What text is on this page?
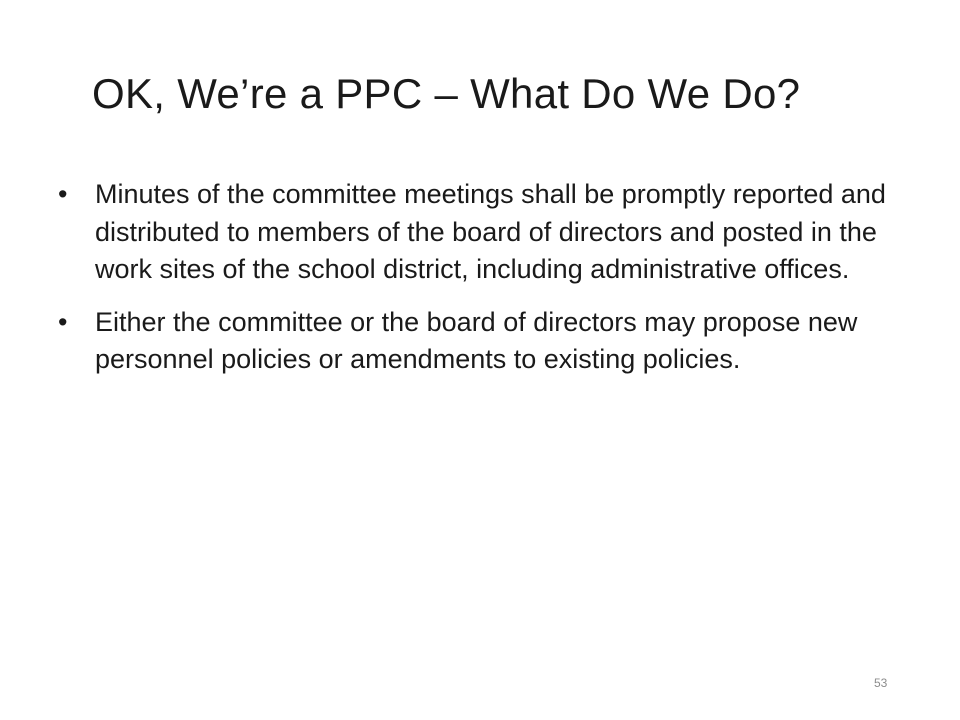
OK, We’re a PPC – What Do We Do?
• Minutes of the committee meetings shall be promptly reported and distributed to members of the board of directors and posted in the work sites of the school district, including administrative offices.
• Either the committee or the board of directors may propose new personnel policies or amendments to existing policies.
53
